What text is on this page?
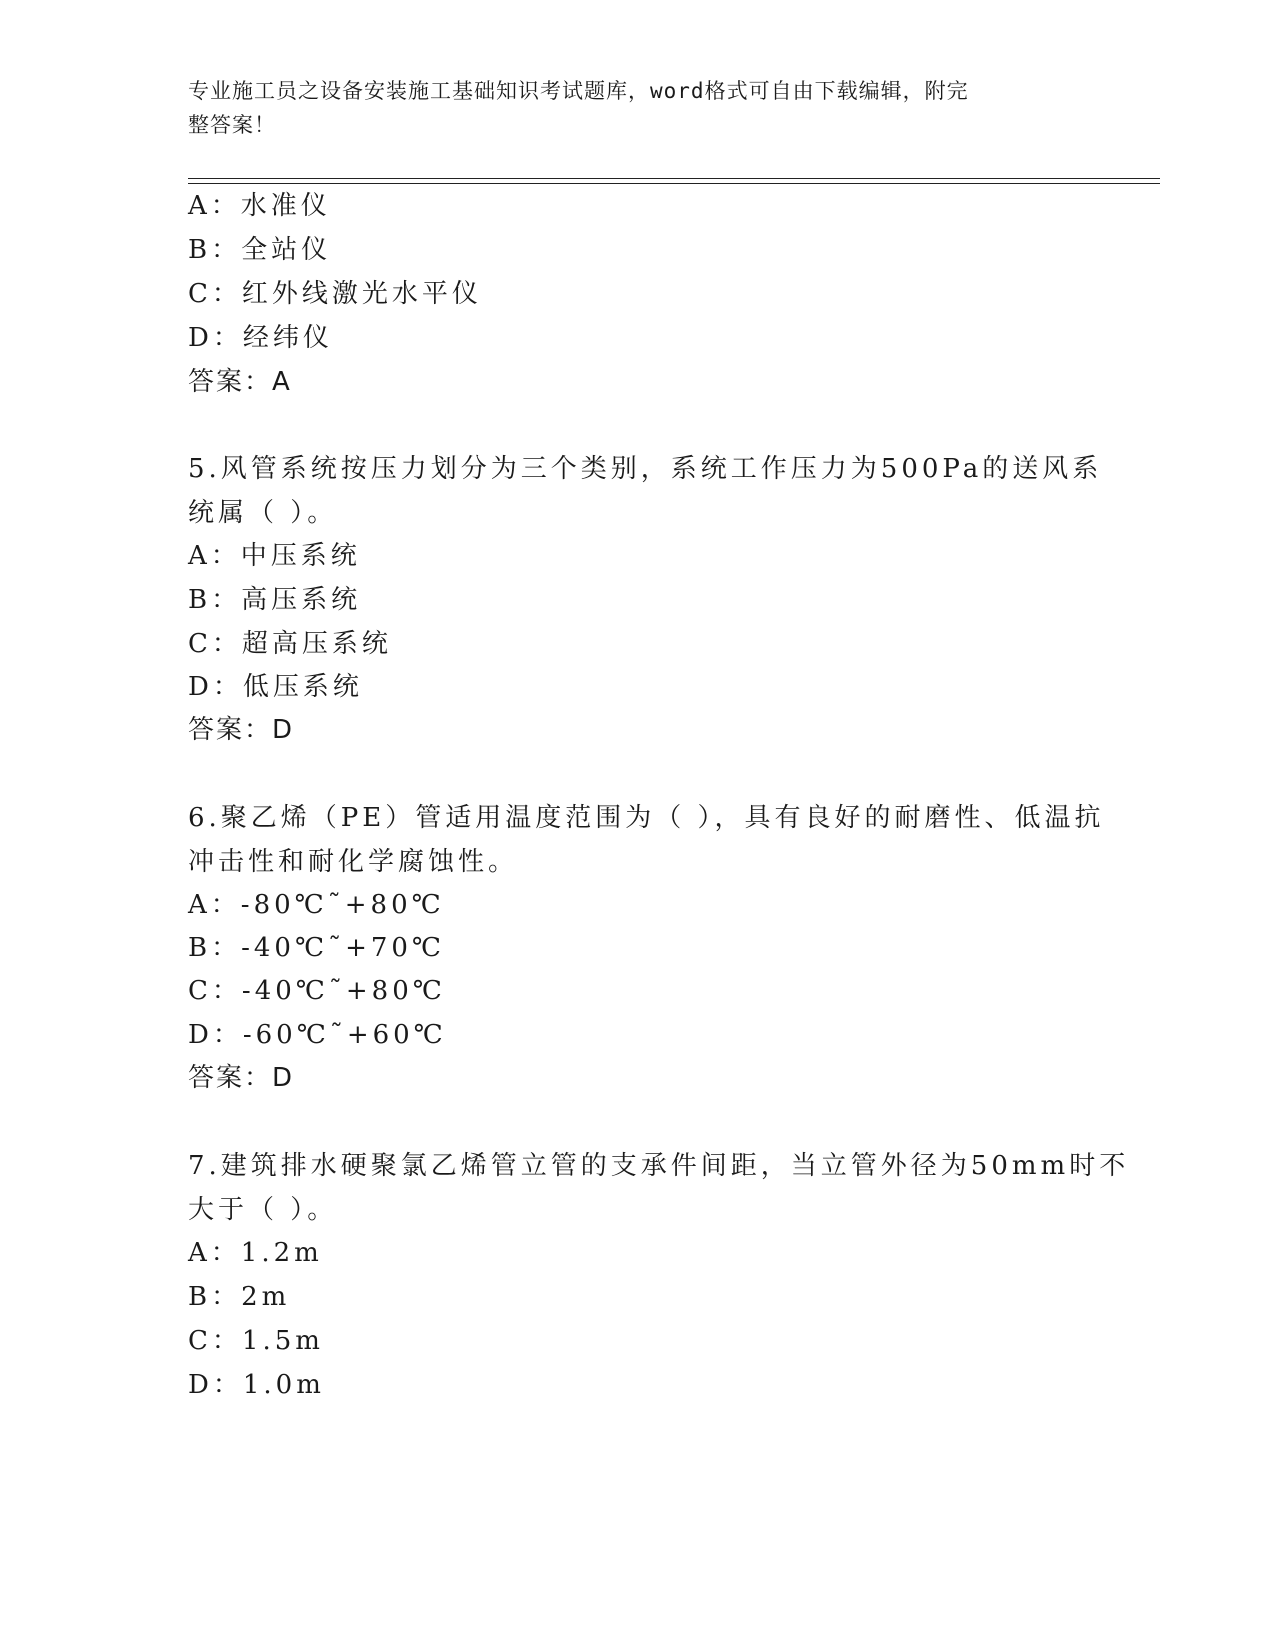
专业施工员之设备安装施工基础知识考试题库，word格式可自由下载编辑，附完
整答案！
A：水准仪
B：全站仪
C：红外线激光水平仪
D：经纬仪
答案：A
5.风管系统按压力划分为三个类别，系统工作压力为500Pa的送风系
统属（ ）。
A：中压系统
B：高压系统
C：超高压系统
D：低压系统
答案：D
6.聚乙烯（PE）管适用温度范围为（ ），具有良好的耐磨性、低温抗
冲击性和耐化学腐蚀性。
A：-80℃˜+80℃
B：-40℃˜+70℃
C：-40℃˜+80℃
D：-60℃˜+60℃
答案：D
7.建筑排水硬聚氯乙烯管立管的支承件间距，当立管外径为50mm时不
大于（ ）。
A：1.2m
B：2m
C：1.5m
D：1.0m
